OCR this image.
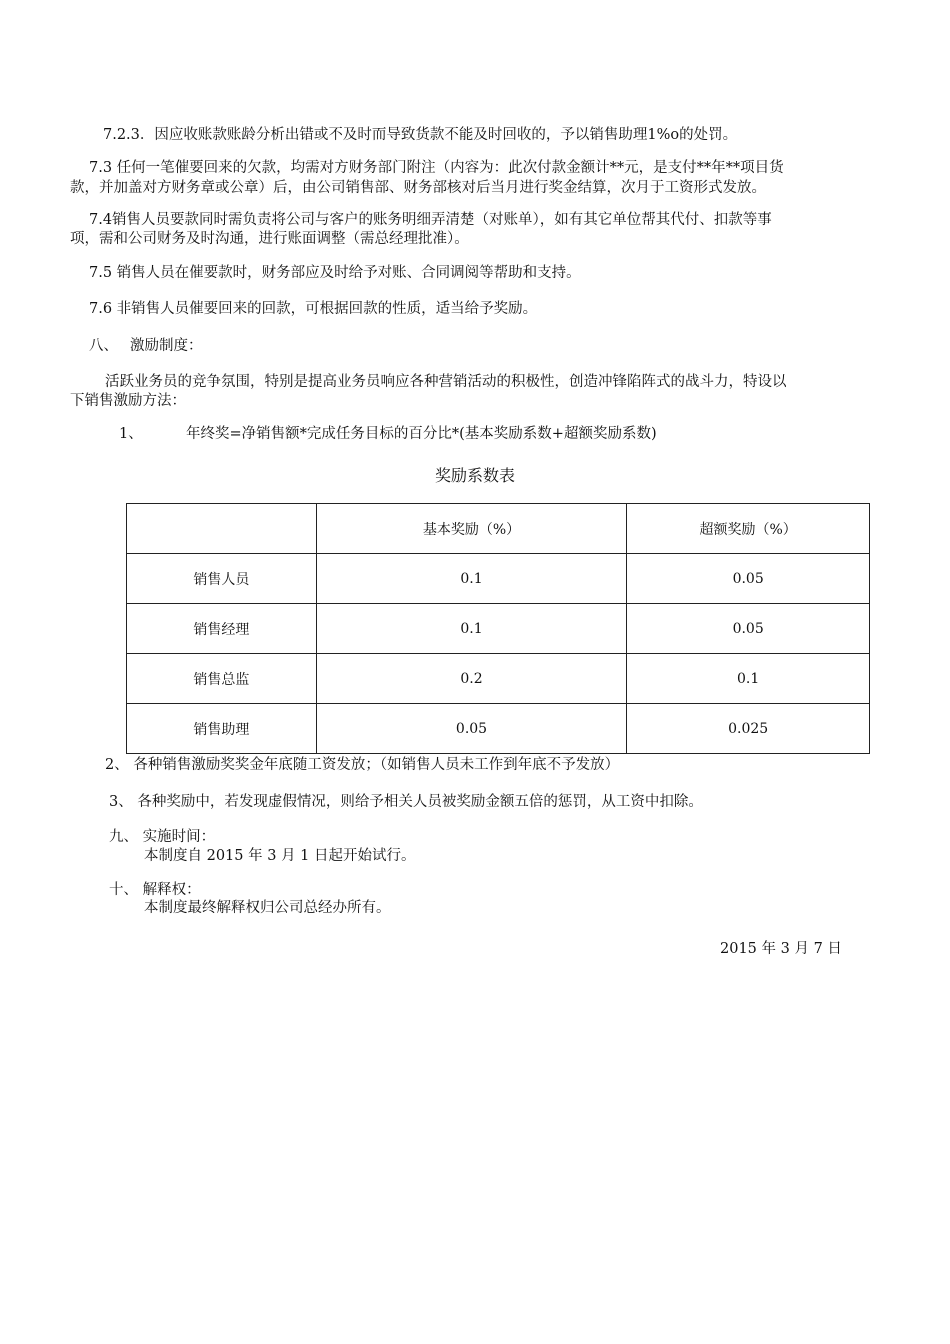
7.2.3．因应收账款账龄分析出错或不及时而导致货款不能及时回收的，予以销售助理1%o的处罚。
7.3 任何一笔催要回来的欠款，均需对方财务部门附注（内容为：此次付款金额计**元，是支付**年**项目货
款，并加盖对方财务章或公章）后，由公司销售部、财务部核对后当月进行奖金结算，次月于工资形式发放。
7.4销售人员要款同时需负责将公司与客户的账务明细弄清楚（对账单），如有其它单位帮其代付、扣款等事
项，需和公司财务及时沟通，进行账面调整（需总经理批准）。
7.5 销售人员在催要款时，财务部应及时给予对账、合同调阅等帮助和支持。
7.6 非销售人员催要回来的回款，可根据回款的性质，适当给予奖励。
八、 激励制度：
活跃业务员的竞争氛围，特别是提高业务员响应各种营销活动的积极性，创造冲锋陷阵式的战斗力，特设以
下销售激励方法：
1、	年终奖=净销售额*完成任务目标的百分比*(基本奖励系数+超额奖励系数)
奖励系数表
	基本奖励（%）	超额奖励（%）
销售人员	0.1	0.05
销售经理	0.1	0.05
销售总监	0.2	0.1
销售助理	0.05	0.025
2、 各种销售激励奖奖金年底随工资发放；（如销售人员未工作到年底不予发放）
3、 各种奖励中，若发现虚假情况，则给予相关人员被奖励金额五倍的惩罚，从工资中扣除。
九、 实施时间：
本制度自 2015 年 3 月 1 日起开始试行。
十、 解释权：
本制度最终解释权归公司总经办所有。
2015 年 3 月 7 日
